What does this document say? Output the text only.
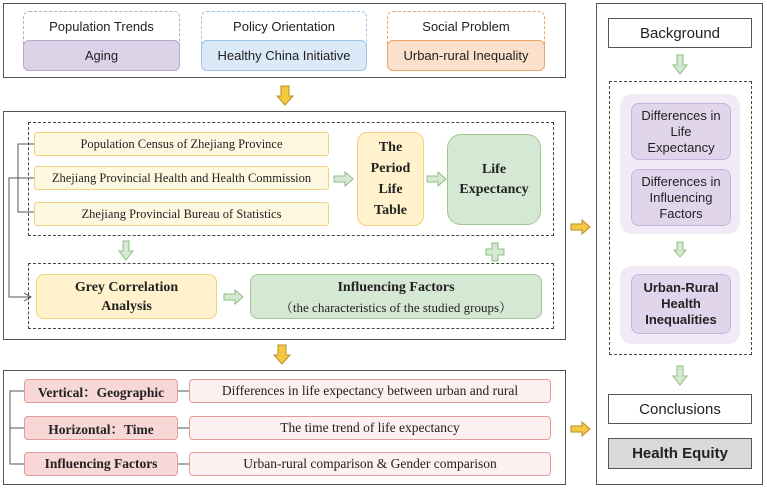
Population Trends
Aging
Policy Orientation
Healthy China Initiative
Social Problem
Urban-rural Inequality
Population Census of Zhejiang Province
Zhejiang Provincial Health and Health Commission
Zhejiang Provincial Bureau of Statistics
The Period Life Table
Life Expectancy
Grey Correlation Analysis
Influencing Factors
（the characteristics of the studied groups）
Vertical：Geographic	Differences in life expectancy between urban and rural
Horizontal：Time	The time trend of life expectancy
Influencing Factors	Urban-rural comparison & Gender comparison
Background
Differences in Life Expectancy
Differences in Influencing Factors
Urban-Rural Health Inequalities
Conclusions
Health Equity
